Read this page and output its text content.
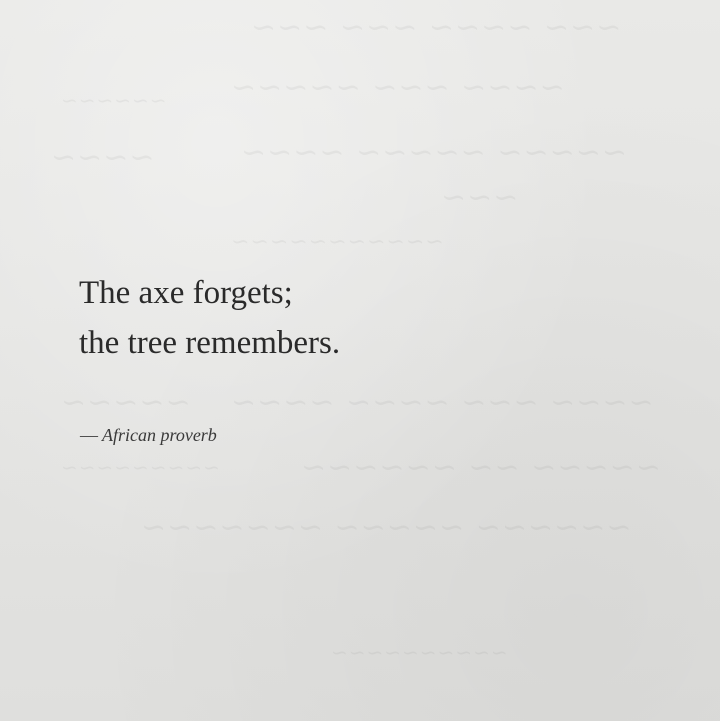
~~~ ~~~~ ~~~ ~~~
~~~~ ~~~ ~~~~~
~~~~~~
~~~~~ ~~~~~ ~~~~
~~~~
~~~
~~~~~~~~~~~
~~~~ ~~~ ~~~~ ~~~~
~~~~~
~~~~~ ~~ ~~~~~~
~~~~~~~~~
~~~~~~ ~~~~~ ~~~~~~~
~~~~~~~~~~
The axe forgets;
the tree remembers.
— African proverb
